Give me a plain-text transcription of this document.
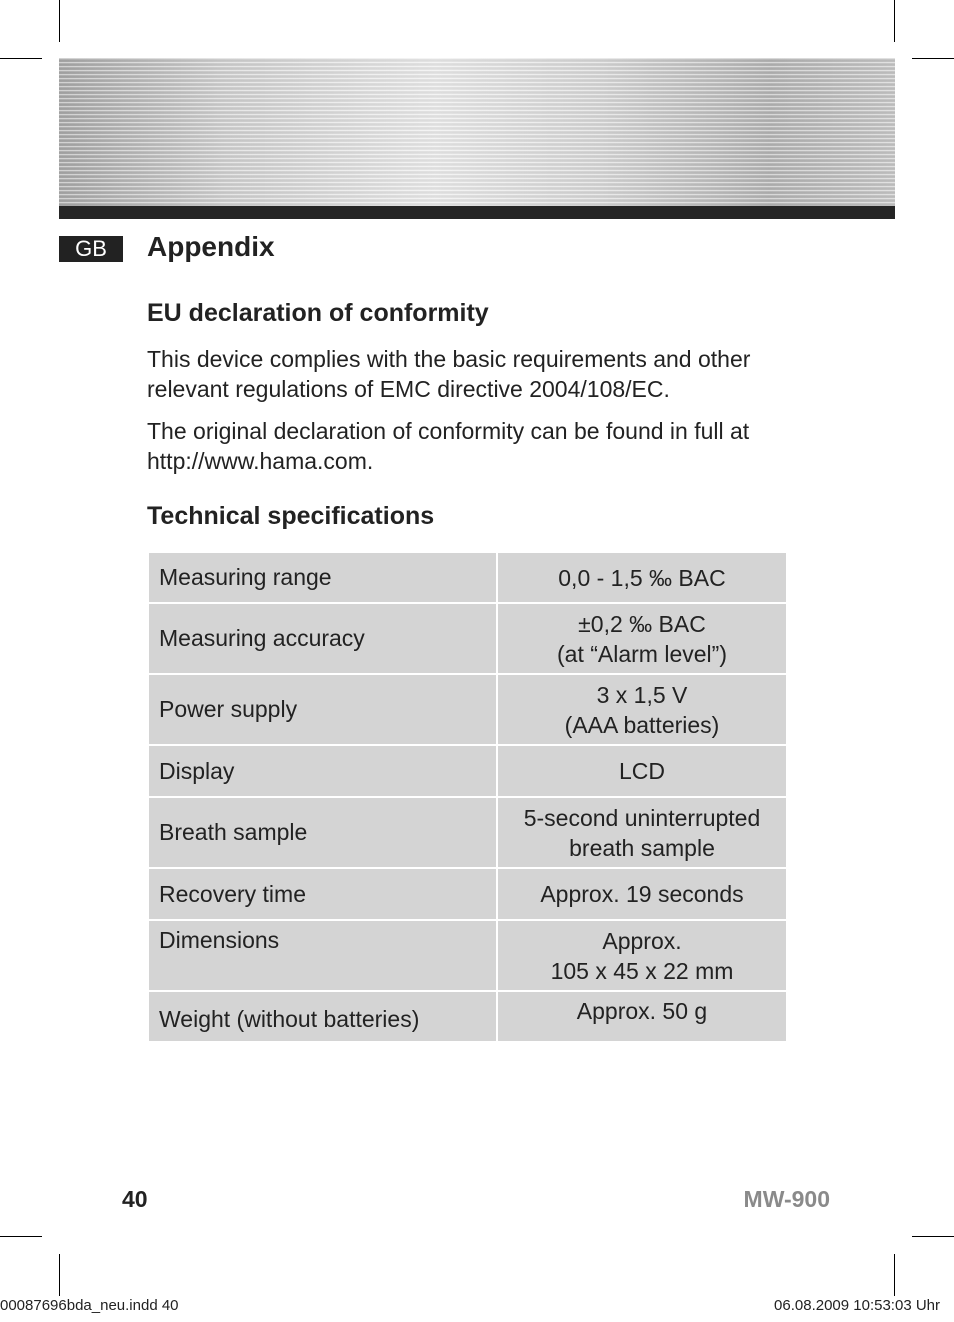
GB	Appendix
EU declaration of conformity
This device complies with the basic requirements and other
relevant regulations of EMC directive 2004/108/EC.
The original declaration of conformity can be found in full at
http://www.hama.com.
Technical specifications
Measuring range	0,0 - 1,5 ‰ BAC

Measuring accuracy	±0,2 ‰ BAC
(at “Alarm level”)

Power supply	3 x 1,5 V
(AAA batteries)

Display	LCD

Breath sample	5-second uninterrupted
breath sample

Recovery time	Approx. 19 seconds

Dimensions	Approx.
105 x 45 x 22 mm

Weight (without batteries)	Approx. 50 g
40	MW-900
00087696bda_neu.indd 40	06.08.2009 10:53:03 Uhr
